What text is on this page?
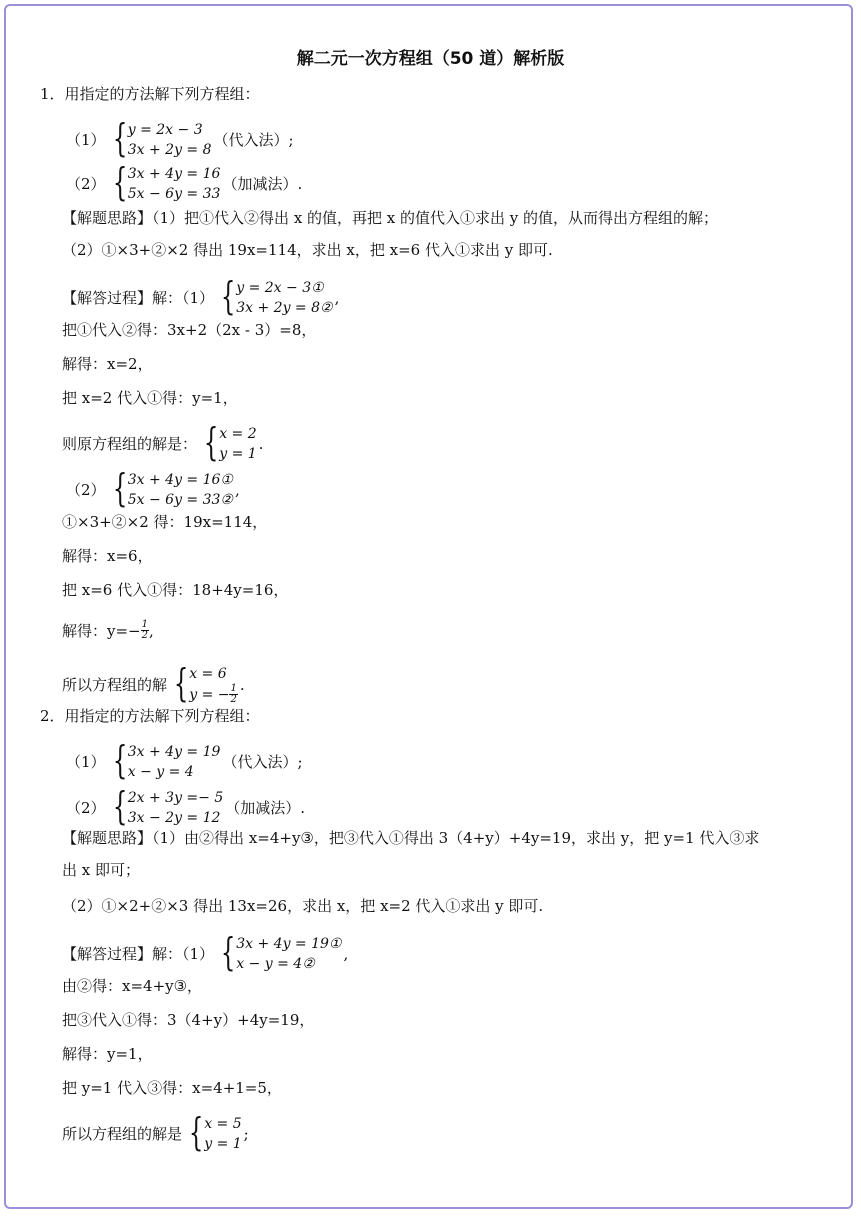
解二元一次方程组（50 道）解析版
1．用指定的方法解下列方程组：
（1） { y = 2x − 3
3x + 2y = 8
（代入法）;
（2） { 3x + 4y = 16
5x − 6y = 33
（加减法）.
【解题思路】（1）把①代入②得出 x 的值，再把 x 的值代入①求出 y 的值，从而得出方程组的解；
（2）①×3+②×2 得出 19x=114，求出 x，把 x=6 代入①求出 y 即可.
【解答过程】解：（1） { y = 2x − 3①
3x + 2y = 8②
,
把①代入②得：3x+2（2x - 3）=8，
解得：x=2，
把 x=2 代入①得：y=1，
则原方程组的解是： { x = 2
y = 1
.
（2） { 3x + 4y = 16①
5x − 6y = 33②
,
①×3+②×2 得：19x=114，
解得：x=6，
把 x=6 代入①得：18+4y=16，
解得：$y=- \frac{1}{2}$ ,
所以方程组的解 { x = 6
y = − $\frac{1}{2}$ .
2．用指定的方法解下列方程组：
（1） { 3x + 4y = 19
x − y = 4
（代入法）;
（2） { 2x + 3y =− 5
3x − 2y = 12
（加减法）.
【解题思路】（1）由②得出 x=4+y③，把③代入①得出 3（4+y）+4y=19，求出 y，把 y=1 代入③求
出 x 即可；
（2）①×2+②×3 得出 13x=26，求出 x，把 x=2 代入①求出 y 即可.
【解答过程】解：（1） { 3x + 4y = 19①
x − y = 4②
,
由②得：x=4+y③，
把③代入①得：3（4+y）+4y=19，
解得：y=1，
把 y=1 代入③得：x=4+1=5，
所以方程组的解是 { x = 5
y = 1
;
